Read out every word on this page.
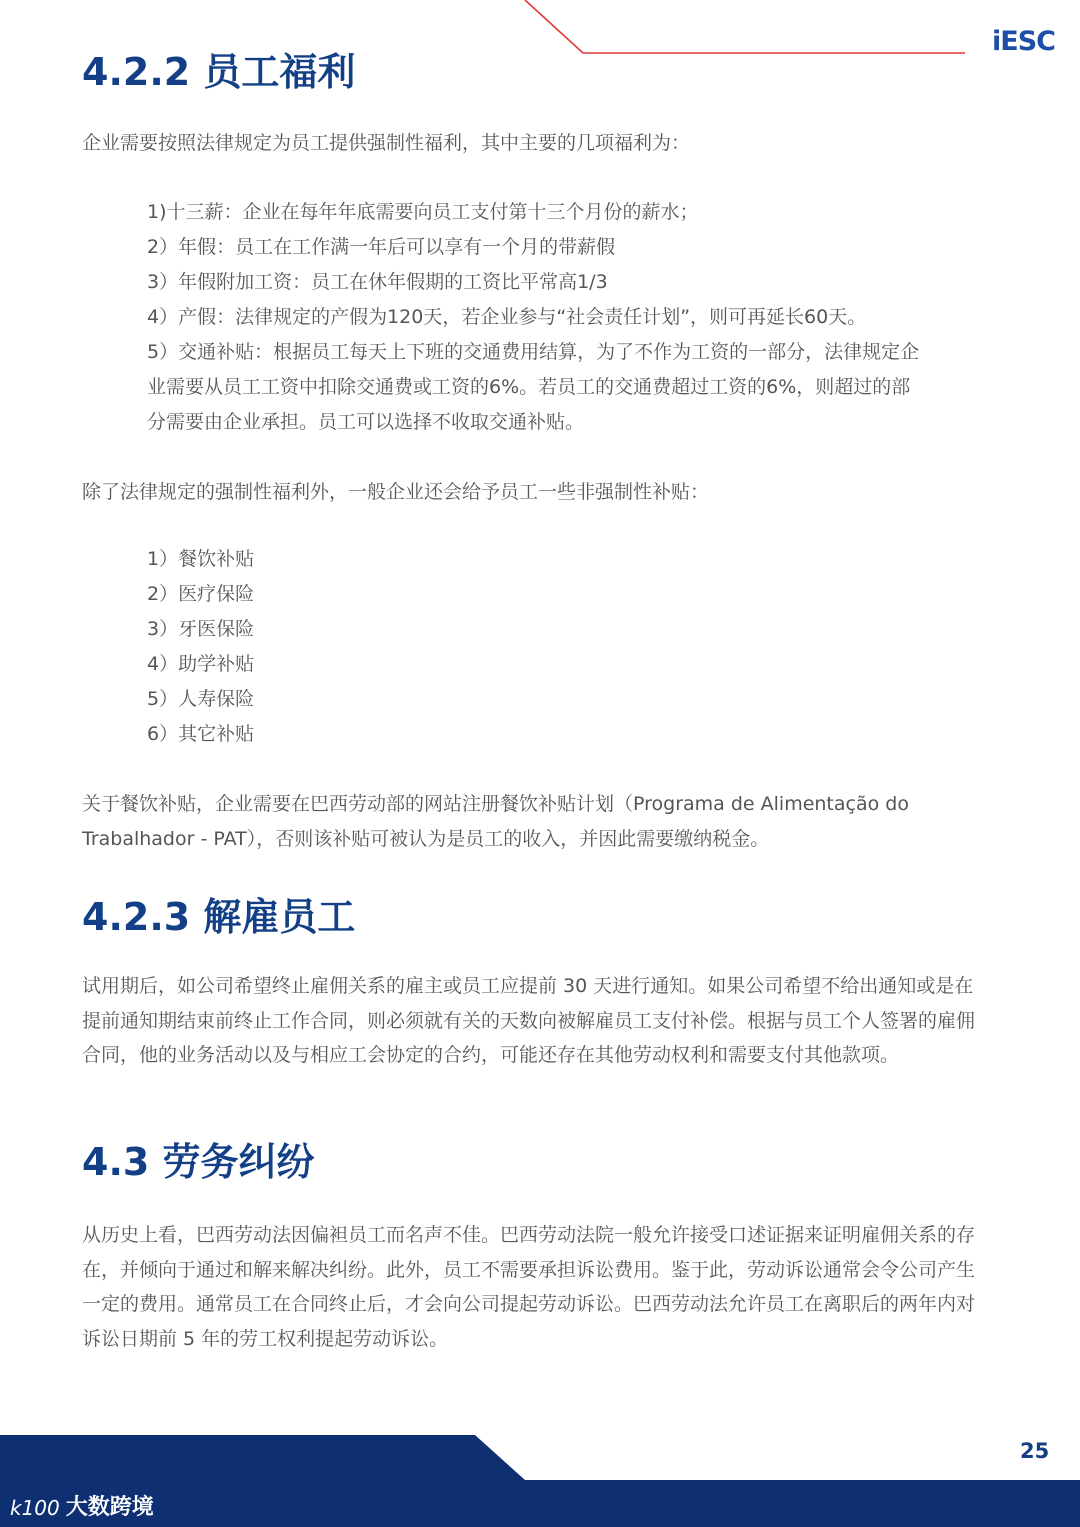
iESC
4.2.2 员工福利

企业需要按照法律规定为员工提供强制性福利，其中主要的几项福利为：

1)十三薪：企业在每年年底需要向员工支付第十三个月份的薪水；
2）年假：员工在工作满一年后可以享有一个月的带薪假
3）年假附加工资：员工在休年假期的工资比平常高1/3
4）产假：法律规定的产假为120天，若企业参与“社会责任计划”，则可再延长60天。
5）交通补贴：根据员工每天上下班的交通费用结算，为了不作为工资的一部分，法律规定企业需要从员工工资中扣除交通费或工资的6%。若员工的交通费超过工资的6%，则超过的部分需要由企业承担。员工可以选择不收取交通补贴。

除了法律规定的强制性福利外，一般企业还会给予员工一些非强制性补贴：

1）餐饮补贴
2）医疗保险
3）牙医保险
4）助学补贴
5）人寿保险
6）其它补贴

关于餐饮补贴，企业需要在巴西劳动部的网站注册餐饮补贴计划（Programa de Alimentação do Trabalhador - PAT），否则该补贴可被认为是员工的收入，并因此需要缴纳税金。

4.2.3 解雇员工

试用期后，如公司希望终止雇佣关系的雇主或员工应提前 30 天进行通知。如果公司希望不给出通知或是在提前通知期结束前终止工作合同，则必须就有关的天数向被解雇员工支付补偿。根据与员工个人签署的雇佣合同，他的业务活动以及与相应工会协定的合约，可能还存在其他劳动权利和需要支付其他款项。

4.3 劳务纠纷

从历史上看，巴西劳动法因偏袒员工而名声不佳。巴西劳动法院一般允许接受口述证据来证明雇佣关系的存在，并倾向于通过和解来解决纠纷。此外，员工不需要承担诉讼费用。鉴于此，劳动诉讼通常会令公司产生一定的费用。通常员工在合同终止后，才会向公司提起劳动诉讼。巴西劳动法允许员工在离职后的两年内对诉讼日期前 5 年的劳工权利提起劳动诉讼。

25
k100 大数跨境
